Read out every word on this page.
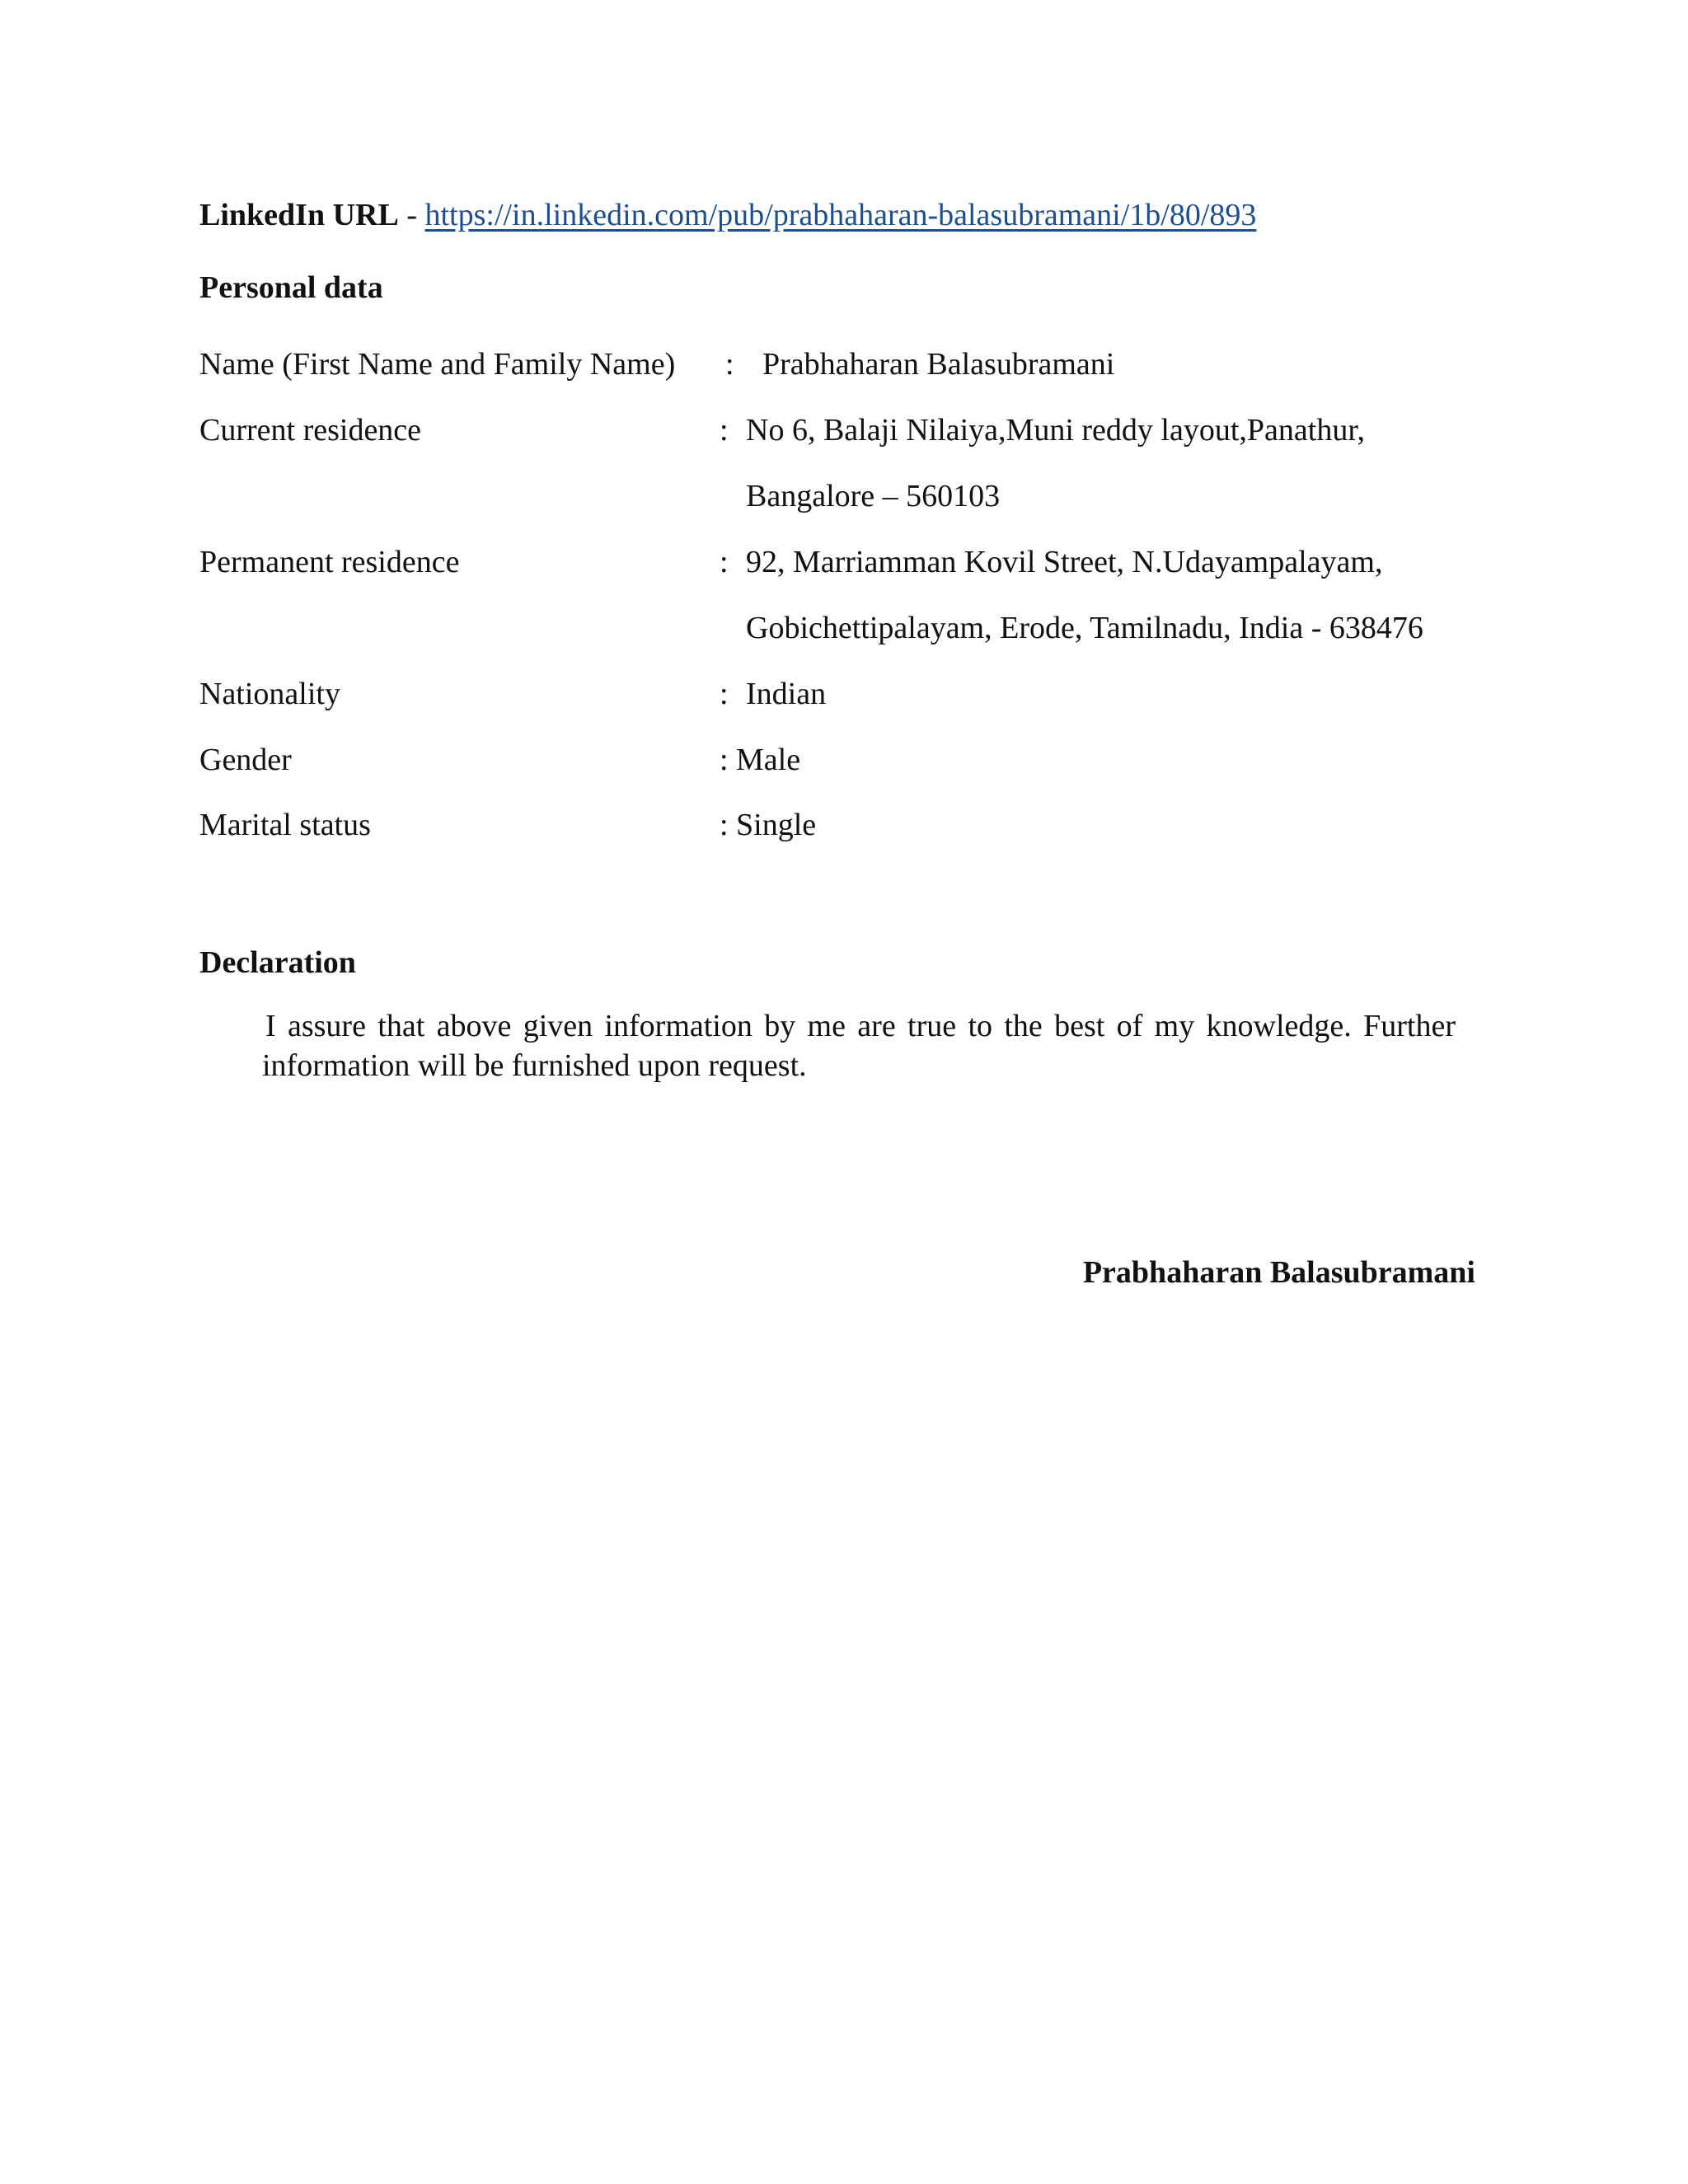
LinkedIn URL - https://in.linkedin.com/pub/prabhaharan-balasubramani/1b/80/893
Personal data
Name (First Name and Family Name) : Prabhaharan Balasubramani
Current residence	: No 6, Balaji Nilaiya,Muni reddy layout,Panathur,
Bangalore – 560103
Permanent residence	: 92, Marriamman Kovil Street, N.Udayampalayam,
Gobichettipalayam, Erode, Tamilnadu, India - 638476
Nationality	: Indian
Gender	: Male
Marital status	: Single
Declaration
I assure that above given information by me are true to the best of my knowledge. Further information will be furnished upon request.
Prabhaharan Balasubramani
